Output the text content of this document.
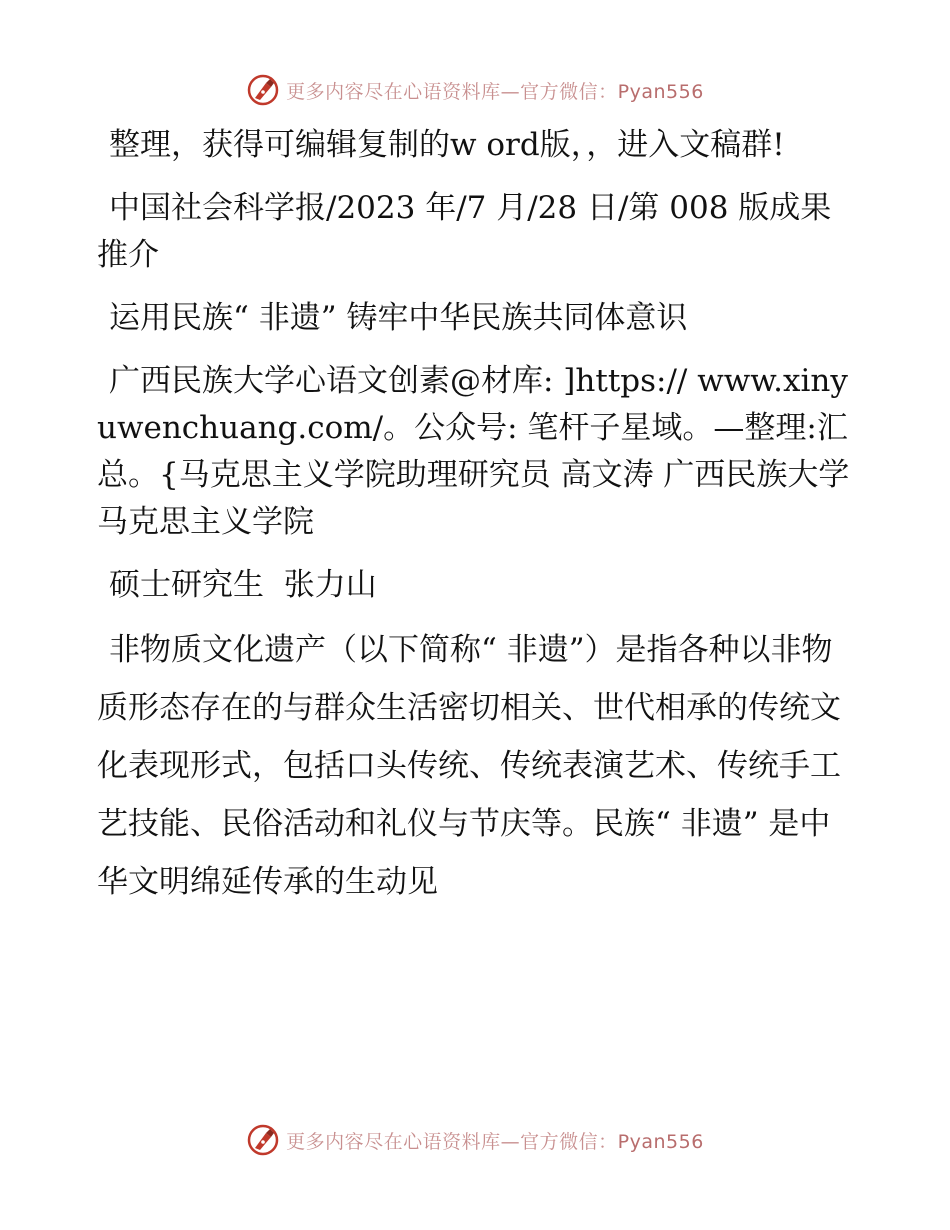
更多内容尽在心语资料库—官方微信：Pyan556

整理，获得可编辑复制的w ord版，，进入文稿群!

中国社会科学报/2023 年/7 月/28 日/第 008 版成果推介

运用民族“ 非遗” 铸牢中华民族共同体意识

广西民族大学心语文创素@材库: ]https:// www.xinyuwenchuang.com/。公众号: 笔杆子星域。—整理:汇总。{马克思主义学院助理研究员 高文涛 广西民族大学马克思主义学院

硕士研究生  张力山

非物质文化遗产（以下简称“ 非遗”）是指各种以非物质形态存在的与群众生活密切相关、世代相承的传统文化表现形式，包括口头传统、传统表演艺术、传统手工艺技能、民俗活动和礼仪与节庆等。民族“ 非遗” 是中华文明绵延传承的生动见

更多内容尽在心语资料库—官方微信：Pyan556
